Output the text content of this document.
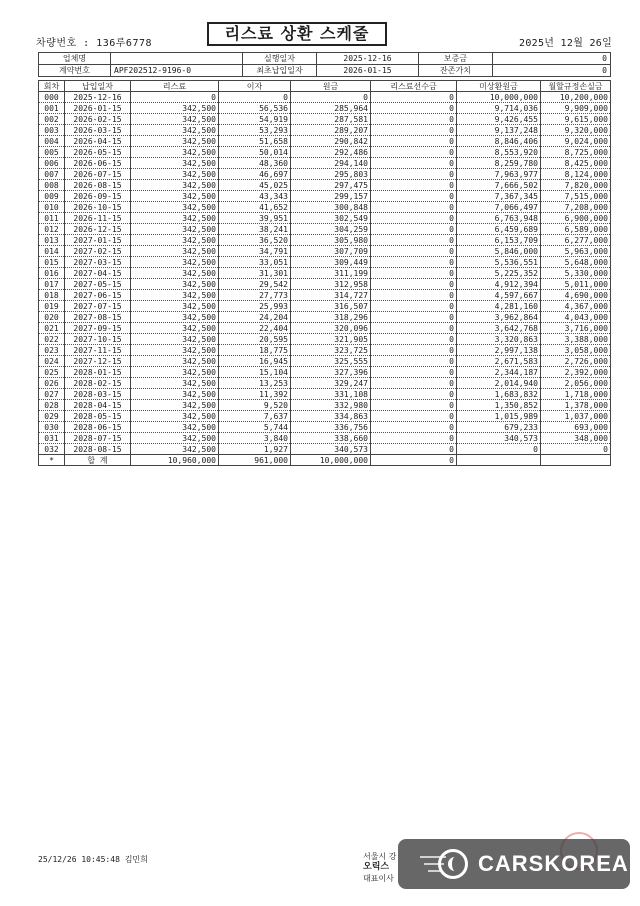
차량번호 : 136루6778
리스료 상환 스케줄
2025년 12월 26일
업체명		실행일자	2025-12-16	보증금	0
계약번호	APF202512-9196-0	최초납입일자	2026-01-15	잔존가치	0
회차	납입일자	리스료	이자	원금	리스료선수금	미상환원금	월할규정손실금
000	2025-12-16	0	0	0	0	10,000,000	10,200,000
001	2026-01-15	342,500	56,536	285,964	0	9,714,036	9,909,000
002	2026-02-15	342,500	54,919	287,581	0	9,426,455	9,615,000
003	2026-03-15	342,500	53,293	289,207	0	9,137,248	9,320,000
004	2026-04-15	342,500	51,658	290,842	0	8,846,406	9,024,000
005	2026-05-15	342,500	50,014	292,486	0	8,553,920	8,725,000
006	2026-06-15	342,500	48,360	294,140	0	8,259,780	8,425,000
007	2026-07-15	342,500	46,697	295,803	0	7,963,977	8,124,000
008	2026-08-15	342,500	45,025	297,475	0	7,666,502	7,820,000
009	2026-09-15	342,500	43,343	299,157	0	7,367,345	7,515,000
010	2026-10-15	342,500	41,652	300,848	0	7,066,497	7,208,000
011	2026-11-15	342,500	39,951	302,549	0	6,763,948	6,900,000
012	2026-12-15	342,500	38,241	304,259	0	6,459,689	6,589,000
013	2027-01-15	342,500	36,520	305,980	0	6,153,709	6,277,000
014	2027-02-15	342,500	34,791	307,709	0	5,846,000	5,963,000
015	2027-03-15	342,500	33,051	309,449	0	5,536,551	5,648,000
016	2027-04-15	342,500	31,301	311,199	0	5,225,352	5,330,000
017	2027-05-15	342,500	29,542	312,958	0	4,912,394	5,011,000
018	2027-06-15	342,500	27,773	314,727	0	4,597,667	4,690,000
019	2027-07-15	342,500	25,993	316,507	0	4,281,160	4,367,000
020	2027-08-15	342,500	24,204	318,296	0	3,962,864	4,043,000
021	2027-09-15	342,500	22,404	320,096	0	3,642,768	3,716,000
022	2027-10-15	342,500	20,595	321,905	0	3,320,863	3,388,000
023	2027-11-15	342,500	18,775	323,725	0	2,997,138	3,058,000
024	2027-12-15	342,500	16,945	325,555	0	2,671,583	2,726,000
025	2028-01-15	342,500	15,104	327,396	0	2,344,187	2,392,000
026	2028-02-15	342,500	13,253	329,247	0	2,014,940	2,056,000
027	2028-03-15	342,500	11,392	331,108	0	1,683,832	1,718,000
028	2028-04-15	342,500	9,520	332,980	0	1,350,852	1,378,000
029	2028-05-15	342,500	7,637	334,863	0	1,015,989	1,037,000
030	2028-06-15	342,500	5,744	336,756	0	679,233	693,000
031	2028-07-15	342,500	3,840	338,660	0	340,573	348,000
032	2028-08-15	342,500	1,927	340,573	0	0	0
*	합 계	10,960,000	961,000	10,000,000	0		
25/12/26 10:45:48 김민희	서울시 강
오릭스
대표이사
CARSKOREA
